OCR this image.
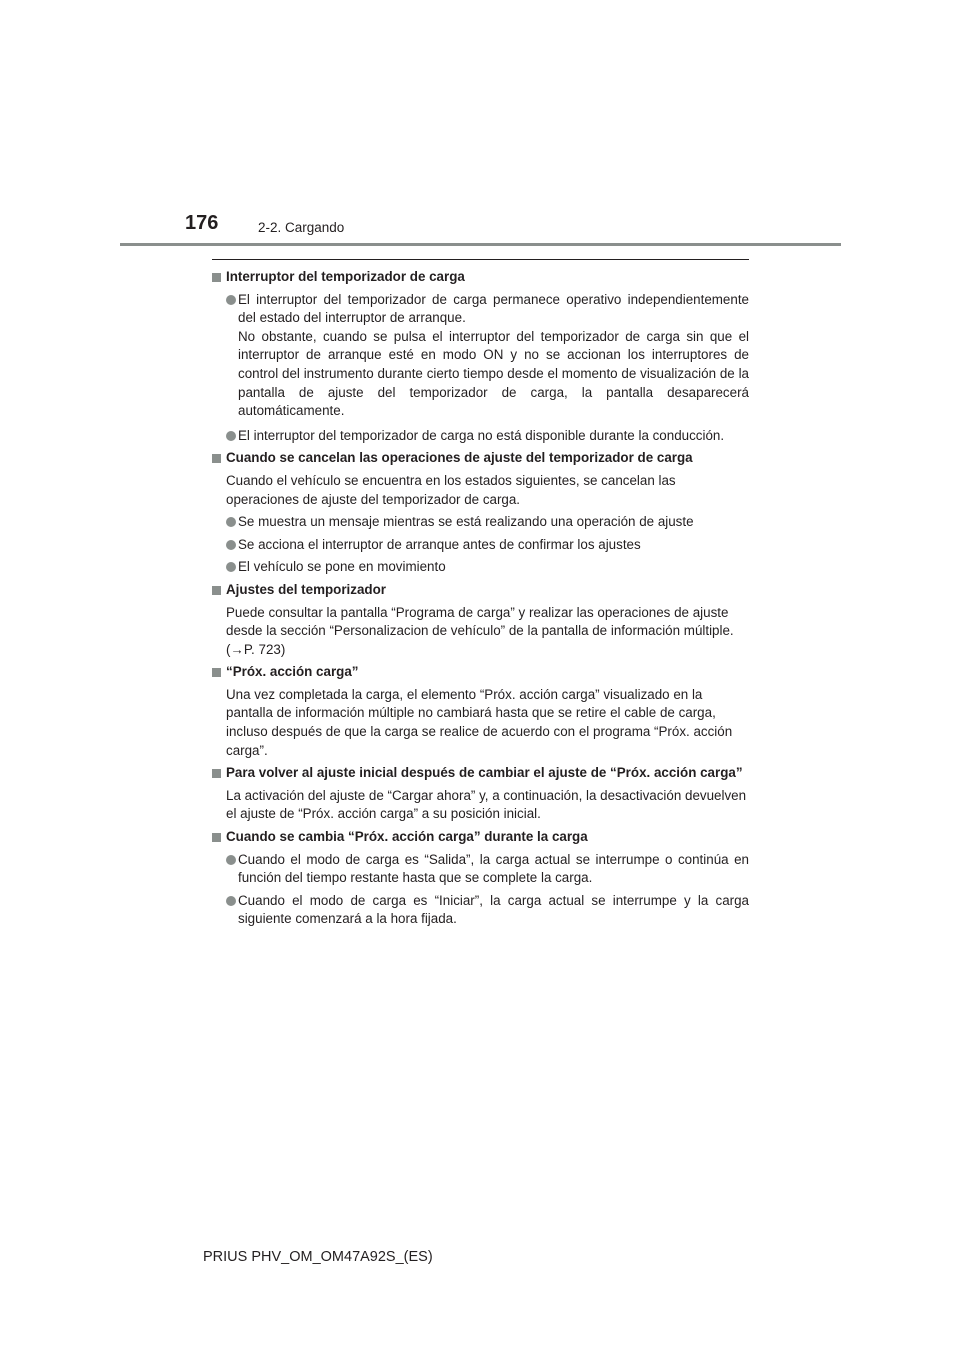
176	2-2. Cargando
Interruptor del temporizador de carga
El interruptor del temporizador de carga permanece operativo independientemente del estado del interruptor de arranque.
No obstante, cuando se pulsa el interruptor del temporizador de carga sin que el interruptor de arranque esté en modo ON y no se accionan los interruptores de control del instrumento durante cierto tiempo desde el momento de visualización de la pantalla de ajuste del temporizador de carga, la pantalla desaparecerá automáticamente.
El interruptor del temporizador de carga no está disponible durante la conducción.
Cuando se cancelan las operaciones de ajuste del temporizador de carga
Cuando el vehículo se encuentra en los estados siguientes, se cancelan las operaciones de ajuste del temporizador de carga.
Se muestra un mensaje mientras se está realizando una operación de ajuste
Se acciona el interruptor de arranque antes de confirmar los ajustes
El vehículo se pone en movimiento
Ajustes del temporizador
Puede consultar la pantalla “Programa de carga” y realizar las operaciones de ajuste desde la sección “Personalizacion de vehículo” de la pantalla de información múltiple.
(→P. 723)
“Próx. acción carga”
Una vez completada la carga, el elemento “Próx. acción carga” visualizado en la pantalla de información múltiple no cambiará hasta que se retire el cable de carga, incluso después de que la carga se realice de acuerdo con el programa “Próx. acción carga”.
Para volver al ajuste inicial después de cambiar el ajuste de “Próx. acción carga”
La activación del ajuste de “Cargar ahora” y, a continuación, la desactivación devuelven el ajuste de “Próx. acción carga” a su posición inicial.
Cuando se cambia “Próx. acción carga” durante la carga
Cuando el modo de carga es “Salida”, la carga actual se interrumpe o continúa en función del tiempo restante hasta que se complete la carga.
Cuando el modo de carga es “Iniciar”, la carga actual se interrumpe y la carga siguiente comenzará a la hora fijada.
PRIUS PHV_OM_OM47A92S_(ES)
